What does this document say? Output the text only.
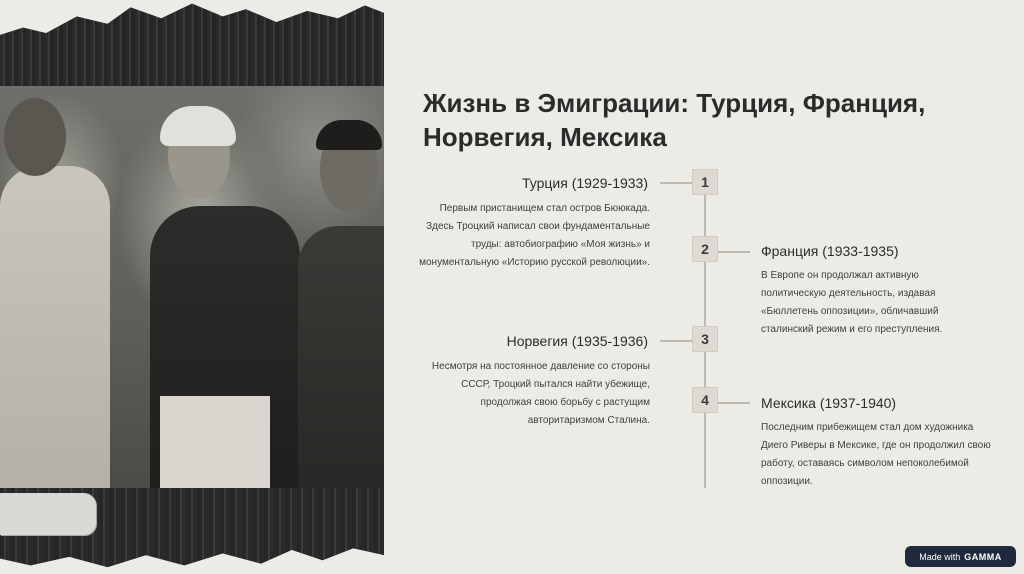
Жизнь в Эмиграции: Турция, Франция, Норвегия, Мексика
1
Турция (1929-1933)
Первым пристанищем стал остров Бююкада. Здесь Троцкий написал свои фундаментальные труды: автобиографию «Моя жизнь» и монументальную «Историю русской революции».
2	Франция (1933-1935)
В Европе он продолжал активную политическую деятельность, издавая «Бюллетень оппозиции», обличавший сталинский режим и его преступления.
3
Норвегия (1935-1936)
Несмотря на постоянное давление со стороны СССР, Троцкий пытался найти убежище, продолжая свою борьбу с растущим авторитаризмом Сталина.
4	Мексика (1937-1940)
Последним прибежищем стал дом художника Диего Риверы в Мексике, где он продолжил свою работу, оставаясь символом непоколебимой оппозиции.
Made with GAMMA
